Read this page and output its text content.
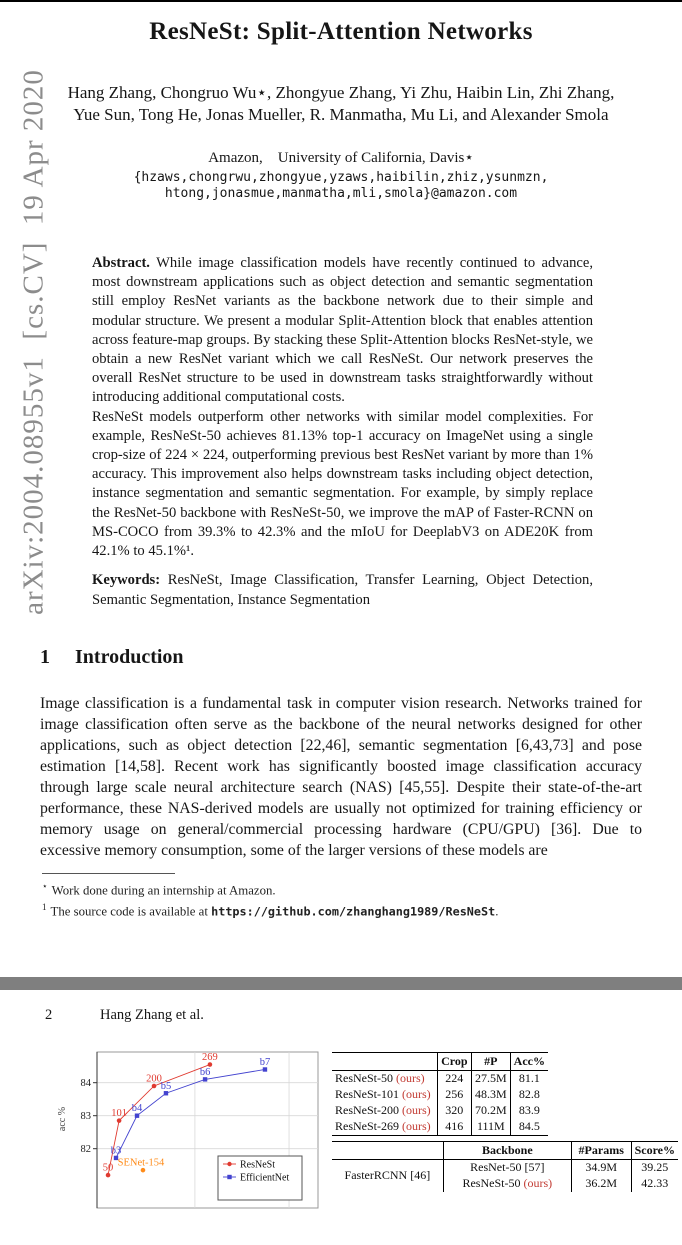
arXiv:2004.08955v1  [cs.CV]  19 Apr 2020
ResNeSt: Split-Attention Networks
Hang Zhang, Chongruo Wu⋆, Zhongyue Zhang, Yi Zhu, Haibin Lin, Zhi Zhang,
Yue Sun, Tong He, Jonas Mueller, R. Manmatha, Mu Li, and Alexander Smola
Amazon,    University of California, Davis⋆
{hzaws,chongrwu,zhongyue,yzaws,haibilin,zhiz,ysunmzn,
htong,jonasmue,manmatha,mli,smola}@amazon.com

Abstract. While image classification models have recently continued to advance, most downstream applications such as object detection and semantic segmentation still employ ResNet variants as the backbone network due to their simple and modular structure. We present a modular Split-Attention block that enables attention across feature-map groups. By stacking these Split-Attention blocks ResNet-style, we obtain a new ResNet variant which we call ResNeSt. Our network preserves the overall ResNet structure to be used in downstream tasks straightforwardly without introducing additional computational costs.

ResNeSt models outperform other networks with similar model complexities. For example, ResNeSt-50 achieves 81.13% top-1 accuracy on ImageNet using a single crop-size of 224 × 224, outperforming previous best ResNet variant by more than 1% accuracy. This improvement also helps downstream tasks including object detection, instance segmentation and semantic segmentation. For example, by simply replace the ResNet-50 backbone with ResNeSt-50, we improve the mAP of Faster-RCNN on MS-COCO from 39.3% to 42.3% and the mIoU for DeeplabV3 on ADE20K from 42.1% to 45.1%¹.

Keywords: ResNeSt, Image Classification, Transfer Learning, Object Detection, Semantic Segmentation, Instance Segmentation
1 Introduction

Image classification is a fundamental task in computer vision research. Networks trained for image classification often serve as the backbone of the neural networks designed for other applications, such as object detection [22,46], semantic segmentation [6,43,73] and pose estimation [14,58]. Recent work has significantly boosted image classification accuracy through large scale neural architecture search (NAS) [45,55]. Despite their state-of-the-art performance, these NAS-derived models are usually not optimized for training efficiency or memory usage on general/commercial processing hardware (CPU/GPU) [36]. Due to excessive memory consumption, some of the larger versions of these models are

⋆ Work done during an internship at Amazon.
$^1$ The source code is available at https://github.com/zhanghang1989/ResNeSt.
2	Hang Zhang et al.
82
83
84
acc %
50
101
200
269
b3
b4
b5
b6
b7
SENet-154	ResNeSt
EfficientNet
	Crop	#P	Acc%
ResNeSt-50 (ours)	224	27.5M	81.1
ResNeSt-101 (ours)	256	48.3M	82.8
ResNeSt-200 (ours)	320	70.2M	83.9
ResNeSt-269 (ours)	416	111M	84.5
	Backbone	#Params	Score%
FasterRCNN [46]	ResNet-50 [57]	34.9M	39.25
	ResNeSt-50 (ours)	36.2M	42.33
